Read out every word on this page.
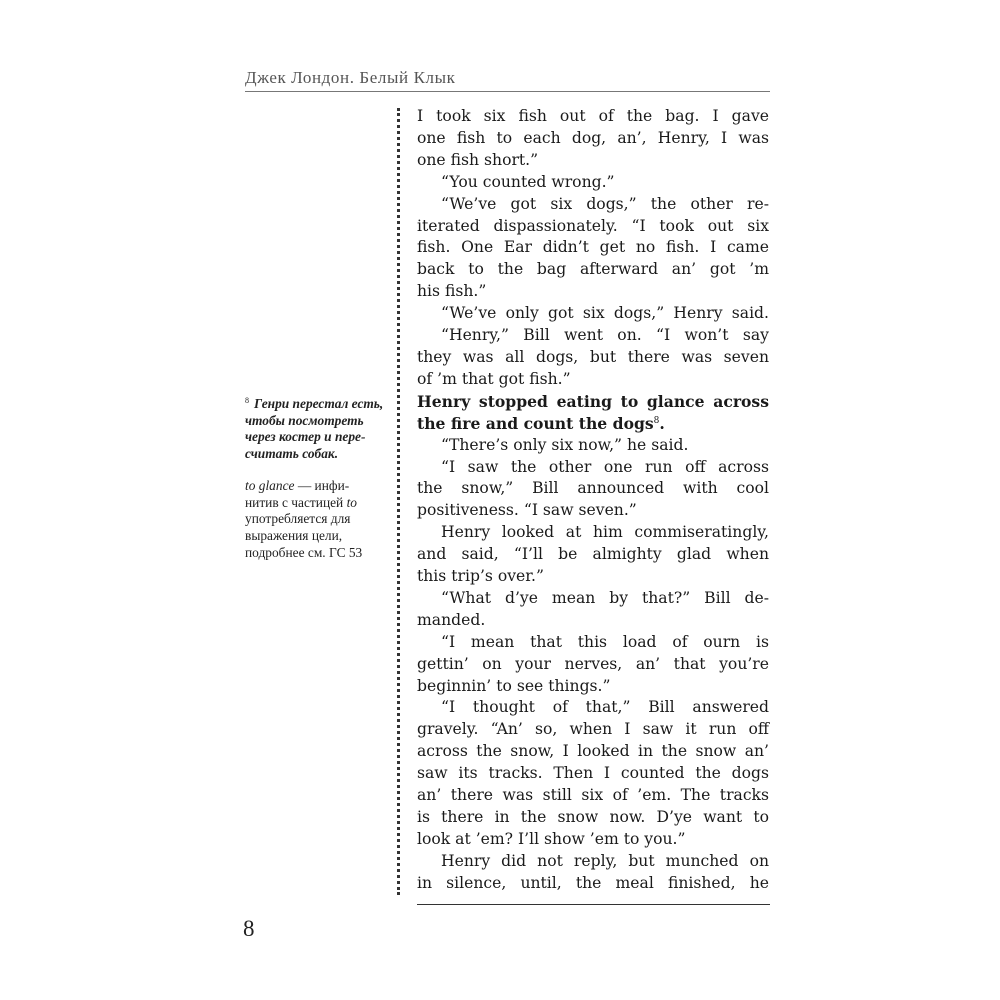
Джек Лондон. Белый Клык
I took six fish out of the bag. I gave
one fish to each dog, an’, Henry, I was
one fish short.”
“You counted wrong.”
“We’ve got six dogs,” the other re-
iterated dispassionately. “I took out six
fish. One Ear didn’t get no fish. I came
back to the bag afterward an’ got ’m
his fish.”
“We’ve only got six dogs,” Henry said.
“Henry,” Bill went on. “I won’t say
they was all dogs, but there was seven
of ’m that got fish.”
Henry stopped eating to glance across
the fire and count the dogs$^8$.
“There’s only six now,” he said.
“I saw the other one run off across
the snow,” Bill announced with cool
positiveness. “I saw seven.”
Henry looked at him commiseratingly,
and said, “I’ll be almighty glad when
this trip’s over.”
“What d’ye mean by that?” Bill de-
manded.
“I mean that this load of ourn is
gettin’ on your nerves, an’ that you’re
beginnin’ to see things.”
“I thought of that,” Bill answered
gravely. “An’ so, when I saw it run off
across the snow, I looked in the snow an’
saw its tracks. Then I counted the dogs
an’ there was still six of ’em. The tracks
is there in the snow now. D’ye want to
look at ’em? I’ll show ’em to you.”
Henry did not reply, but munched on
in silence, until, the meal finished, he
$^8$ Генри перестал есть,
чтобы посмотреть
через костер и пере-
считать собак.
to glance — инфи-
нитив с частицей to
употребляется для
выражения цели,
подробнее см. ГС 53
8
